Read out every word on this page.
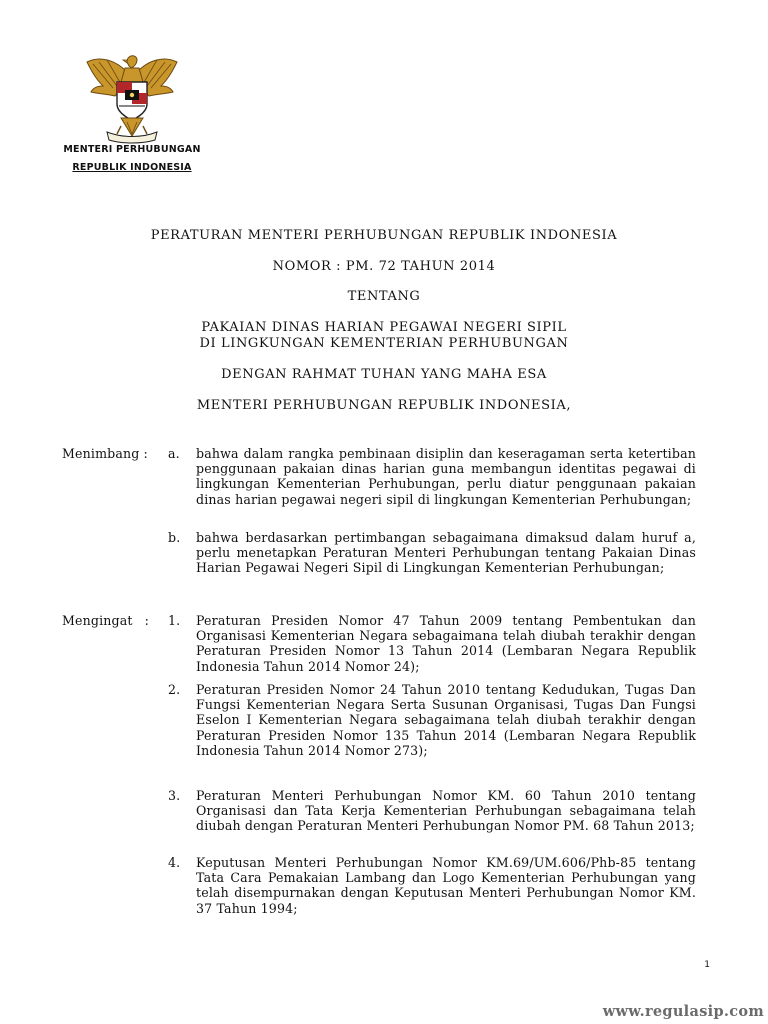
MENTERI PERHUBUNGAN
REPUBLIK INDONESIA
PERATURAN MENTERI PERHUBUNGAN REPUBLIK INDONESIA
NOMOR : PM. 72 TAHUN 2014
TENTANG
PAKAIAN DINAS HARIAN PEGAWAI NEGERI SIPIL
DI LINGKUNGAN KEMENTERIAN PERHUBUNGAN
DENGAN RAHMAT TUHAN YANG MAHA ESA
MENTERI PERHUBUNGAN REPUBLIK INDONESIA,
Menimbang : a. bahwa dalam rangka pembinaan disiplin dan keseragaman serta ketertiban penggunaan pakaian dinas harian guna membangun identitas pegawai di lingkungan Kementerian Perhubungan, perlu diatur penggunaan pakaian dinas harian pegawai negeri sipil di lingkungan Kementerian Perhubungan;
b. bahwa berdasarkan pertimbangan sebagaimana dimaksud dalam huruf a, perlu menetapkan Peraturan Menteri Perhubungan tentang Pakaian Dinas Harian Pegawai Negeri Sipil di Lingkungan Kementerian Perhubungan;
Mengingat : 1. Peraturan Presiden Nomor 47 Tahun 2009 tentang Pembentukan dan Organisasi Kementerian Negara sebagaimana telah diubah terakhir dengan Peraturan Presiden Nomor 13 Tahun 2014 (Lembaran Negara Republik Indonesia Tahun 2014 Nomor 24);
2. Peraturan Presiden Nomor 24 Tahun 2010 tentang Kedudukan, Tugas Dan Fungsi Kementerian Negara Serta Susunan Organisasi, Tugas Dan Fungsi Eselon I Kementerian Negara sebagaimana telah diubah terakhir dengan Peraturan Presiden Nomor 135 Tahun 2014 (Lembaran Negara Republik Indonesia Tahun 2014 Nomor 273);
3. Peraturan Menteri Perhubungan Nomor KM. 60 Tahun 2010 tentang Organisasi dan Tata Kerja Kementerian Perhubungan sebagaimana telah diubah dengan Peraturan Menteri Perhubungan Nomor PM. 68 Tahun 2013;
4. Keputusan Menteri Perhubungan Nomor KM.69/UM.606/Phb-85 tentang Tata Cara Pemakaian Lambang dan Logo Kementerian Perhubungan yang telah disempurnakan dengan Keputusan Menteri Perhubungan Nomor KM. 37 Tahun 1994;
1
www.regulasip.com
